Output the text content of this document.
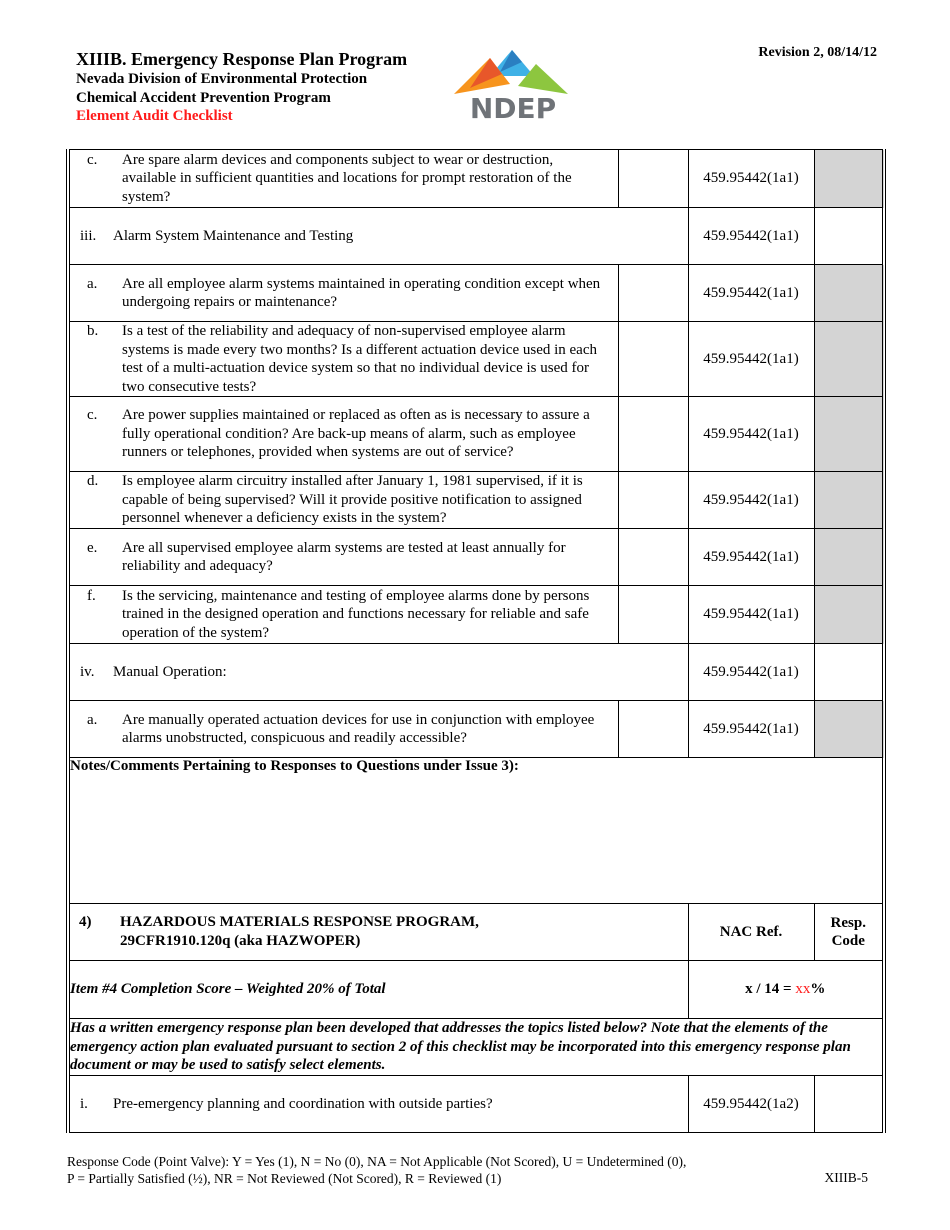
XIIIB. Emergency Response Plan Program
Nevada Division of Environmental Protection
Chemical Accident Prevention Program
Element Audit Checklist	NDEP
Revision 2, 08/14/12
c. Are spare alarm devices and components subject to wear or destruction, available in sufficient quantities and locations for prompt restoration of the system?		459.95442(1a1)	

iii. Alarm System Maintenance and Testing		459.95442(1a1)	

a. Are all employee alarm systems maintained in operating condition except when undergoing repairs or maintenance?		459.95442(1a1)	

b. Is a test of the reliability and adequacy of non-supervised employee alarm systems is made every two months? Is a different actuation device used in each test of a multi-actuation device system so that no individual device is used for two consecutive tests?		459.95442(1a1)	

c. Are power supplies maintained or replaced as often as is necessary to assure a fully operational condition? Are back-up means of alarm, such as employee runners or telephones, provided when systems are out of service?		459.95442(1a1)	

d. Is employee alarm circuitry installed after January 1, 1981 supervised, if it is capable of being supervised? Will it provide positive notification to assigned personnel whenever a deficiency exists in the system?		459.95442(1a1)	

e. Are all supervised employee alarm systems are tested at least annually for reliability and adequacy?		459.95442(1a1)	

f. Is the servicing, maintenance and testing of employee alarms done by persons trained in the designed operation and functions necessary for reliable and safe operation of the system?		459.95442(1a1)	

iv. Manual Operation:		459.95442(1a1)	

a. Are manually operated actuation devices for use in conjunction with employee alarms unobstructed, conspicuous and readily accessible?		459.95442(1a1)	
Notes/Comments Pertaining to Responses to Questions under Issue 3):			

4) HAZARDOUS MATERIALS RESPONSE PROGRAM,
29CFR1910.120q (aka HAZWOPER)		NAC Ref.	Resp.
Code
Item #4 Completion Score – Weighted 20% of Total		x / 14 = xx%	
Has a written emergency response plan been developed that addresses the topics listed below? Note that the elements of the emergency action plan evaluated pursuant to section 2 of this checklist may be incorporated into this emergency response plan document or may be used to satisfy select elements.			

i. Pre-emergency planning and coordination with outside parties?		459.95442(1a2)	
Response Code (Point Valve): Y = Yes (1), N = No (0), NA = Not Applicable (Not Scored), U = Undetermined (0),
P = Partially Satisfied (½), NR = Not Reviewed (Not Scored), R = Reviewed (1)	XIIIB-5
